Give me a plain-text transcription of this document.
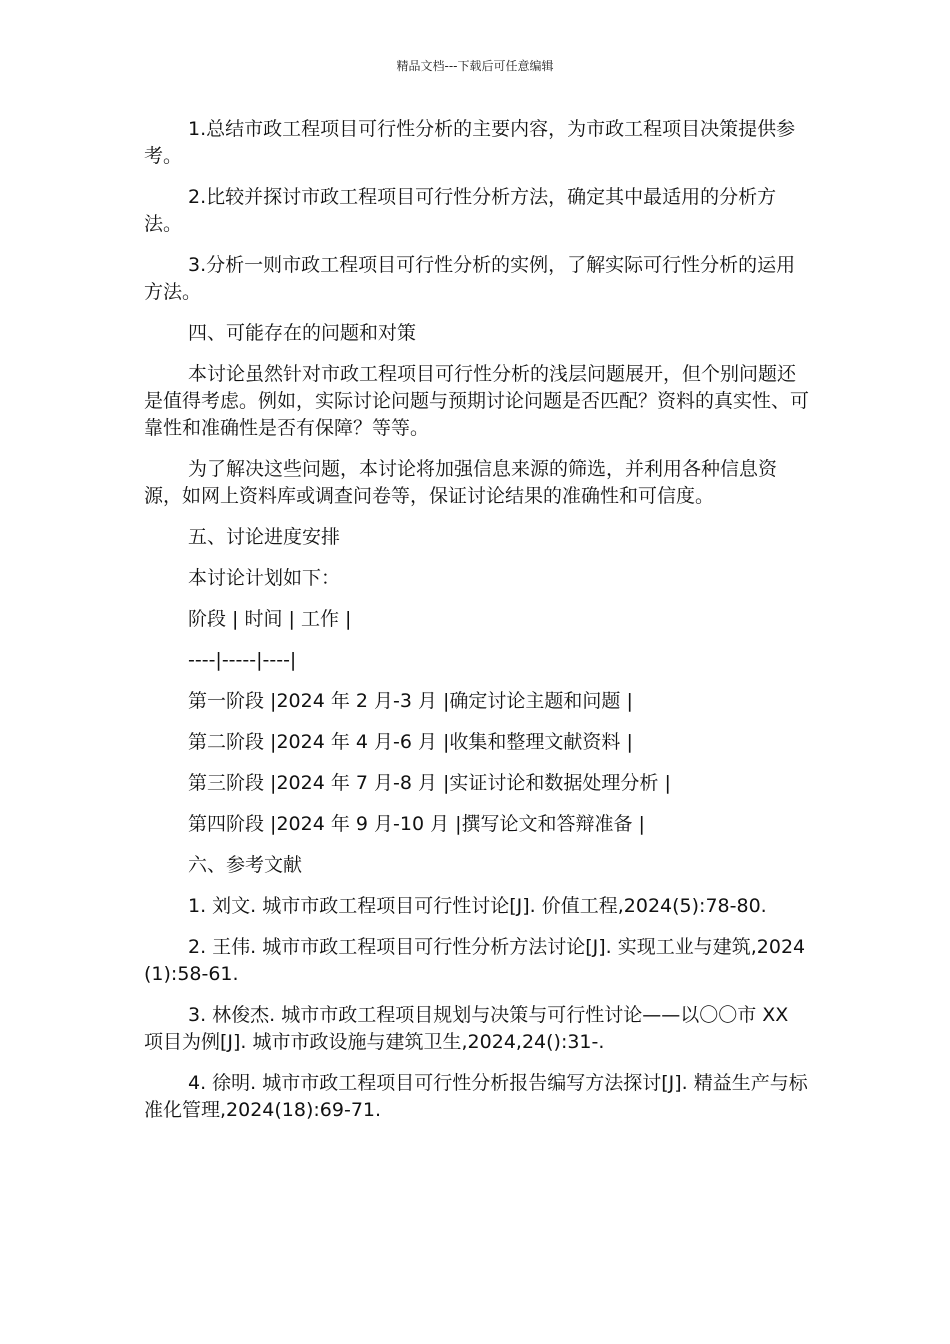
精品文档---下载后可任意编辑

1.总结市政工程项目可行性分析的主要内容，为市政工程项目决策提供参考。

2.比较并探讨市政工程项目可行性分析方法，确定其中最适用的分析方法。

3.分析一则市政工程项目可行性分析的实例，了解实际可行性分析的运用方法。

四、可能存在的问题和对策

本讨论虽然针对市政工程项目可行性分析的浅层问题展开，但个别问题还是值得考虑。例如，实际讨论问题与预期讨论问题是否匹配？资料的真实性、可靠性和准确性是否有保障？等等。

为了解决这些问题，本讨论将加强信息来源的筛选，并利用各种信息资源，如网上资料库或调查问卷等，保证讨论结果的准确性和可信度。

五、讨论进度安排

本讨论计划如下：

阶段 | 时间 | 工作 |

----|-----|----|

第一阶段 |2024 年 2 月-3 月 |确定讨论主题和问题 |

第二阶段 |2024 年 4 月-6 月 |收集和整理文献资料 |

第三阶段 |2024 年 7 月-8 月 |实证讨论和数据处理分析 |

第四阶段 |2024 年 9 月-10 月 |撰写论文和答辩准备 |

六、参考文献

1. 刘文. 城市市政工程项目可行性讨论[J]. 价值工程,2024(5):78-80.

2. 王伟. 城市市政工程项目可行性分析方法讨论[J]. 实现工业与建筑,2024(1):58-61.

3. 林俊杰. 城市市政工程项目规划与决策与可行性讨论——以〇〇市 XX 项目为例[J]. 城市市政设施与建筑卫生,2024,24():31-.

4. 徐明. 城市市政工程项目可行性分析报告编写方法探讨[J]. 精益生产与标准化管理,2024(18):69-71.
